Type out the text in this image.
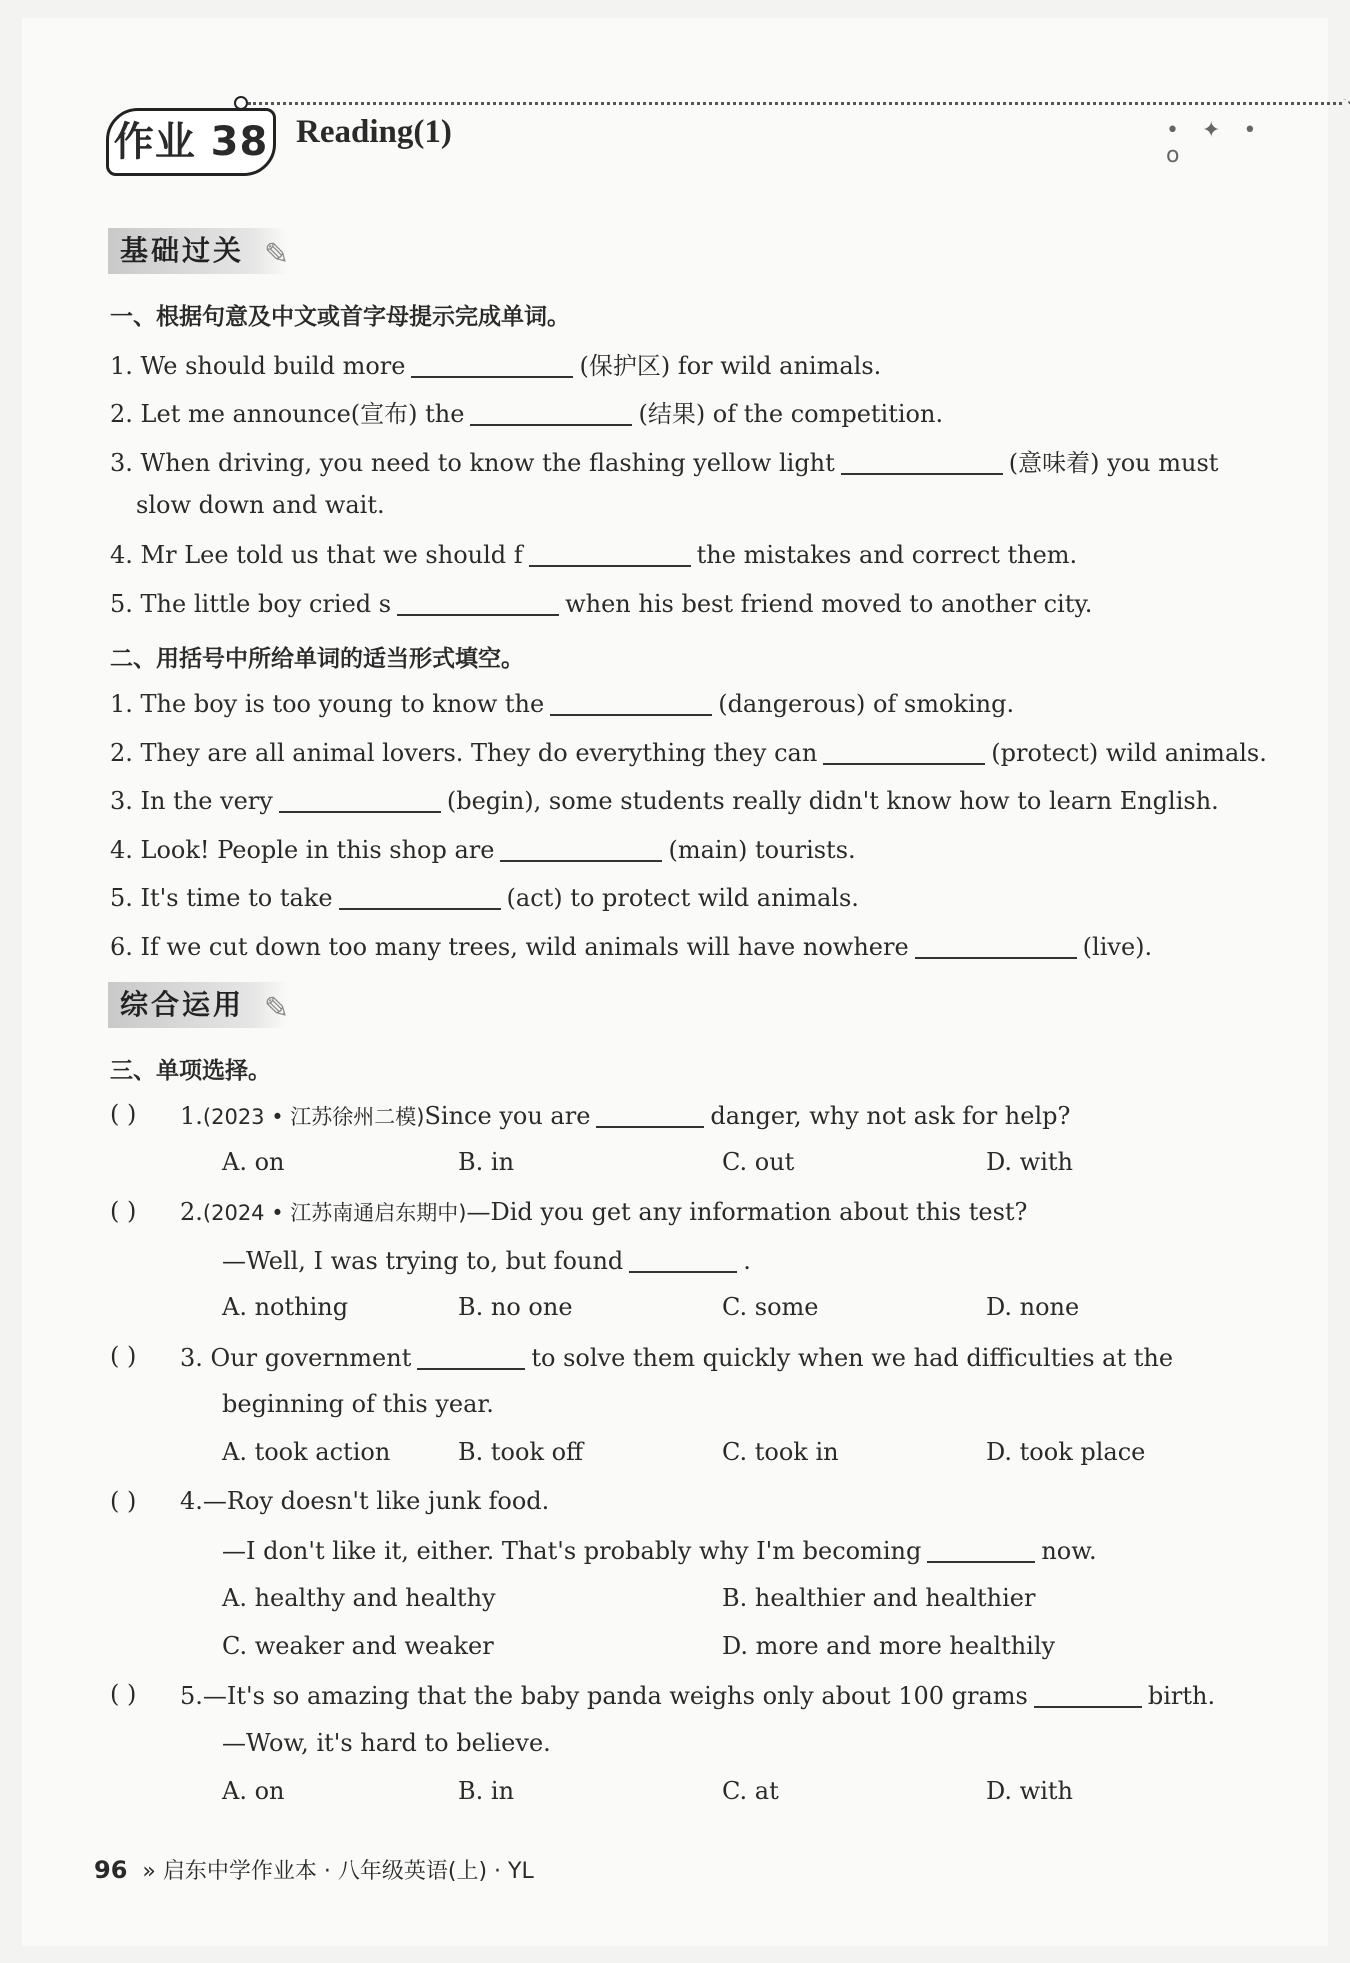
作业 38 Reading(1)	• ✦ • o
基础过关 ✎
一、根据句意及中文或首字母提示完成单词。
1. We should build more	(保护区) for wild animals.
2. Let me announce(宣布) the	(结果) of the competition.
3. When driving, you need to know the flashing yellow light	(意味着) you must
slow down and wait.
4. Mr Lee told us that we should f	the mistakes and correct them.
5. The little boy cried s	when his best friend moved to another city.
二、用括号中所给单词的适当形式填空。
1. The boy is too young to know the	(dangerous) of smoking.
2. They are all animal lovers. They do everything they can	(protect) wild animals.
3. In the very	(begin), some students really didn't know how to learn English.
4. Look! People in this shop are	(main) tourists.
5. It's time to take	(act) to protect wild animals.
6. If we cut down too many trees, wild animals will have nowhere	(live).
综合运用 ✎
三、单项选择。
( ) 1.(2023 • 江苏徐州二模)Since you are	danger, why not ask for help?
A. on	B. in	C. out	D. with
( ) 2.(2024 • 江苏南通启东期中)—Did you get any information about this test?
—Well, I was trying to, but found	.
A. nothing	B. no one	C. some	D. none
( ) 3. Our government	to solve them quickly when we had difficulties at the
beginning of this year.
A. took action	B. took off	C. took in	D. took place
( ) 4.—Roy doesn't like junk food.
—I don't like it, either. That's probably why I'm becoming	now.
A. healthy and healthy	B. healthier and healthier
C. weaker and weaker	D. more and more healthily
( ) 5.—It's so amazing that the baby panda weighs only about 100 grams	birth.
—Wow, it's hard to believe.
A. on	B. in	C. at	D. with
96 » 启东中学作业本 · 八年级英语(上) · YL
